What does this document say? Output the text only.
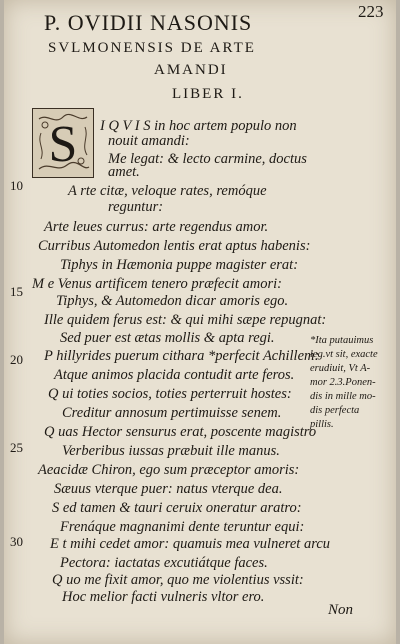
223
P. OVIDII NASONIS
SVLMONENSIS DE ARTE
AMANDI
LIBER I.
S I Q V I S in hoc artem populo non
nouit amandi:
Me legat: & lecto carmine, doctus
amet.
A rte citæ, veloque rates, remóque
reguntur:
Arte leues currus: arte regendus amor.
Curribus Automedon lentis erat aptus habenis:
Tiphys in Hæmonia puppe magister erat:
M e Venus artificem tenero præfecit amori:
Tiphys, & Automedon dicar amoris ego.
Ille quidem ferus est: & qui mihi sæpe repugnat:
Sed puer est ætas mollis & apta regi.
P hillyrides puerum cithara *perfecit Achillem:
Atque animos placida contudit arte feros.
Q ui toties socios, toties perterruit hostes:
Creditur annosum pertimuisse senem.
Q uas Hector sensurus erat, poscente magistro
Verberibus iussas præbuit ille manus.
Aeacidæ Chiron, ego sum præceptor amoris:
Sæuus vterque puer: natus vterque dea.
S ed tamen & tauri ceruix oneratur aratro:
Frenáque magnanimi dente teruntur equi:
E t mihi cedet amor: quamuis mea vulneret arcu
Pectora: iactatas excutiátque faces.
Q uo me fixit amor, quo me violentius vssit:
Hoc melior facti vulneris vltor ero.
10
15
20
25
30
*Ita putauimus
leg.vt sit, exacte
erudiuit, Vt A-
mor 2.3.Ponen-
dis in mille mo-
dis perfecta
pillis.
Non
